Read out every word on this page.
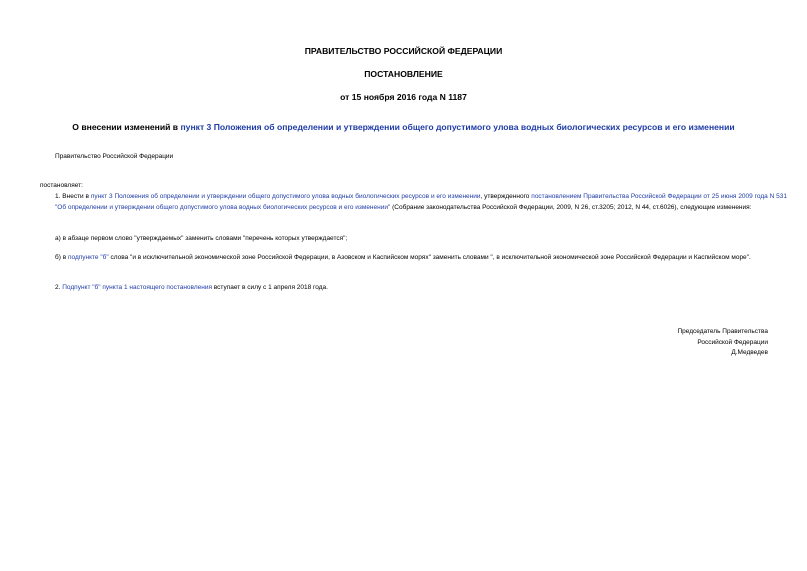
ПРАВИТЕЛЬСТВО РОССИЙСКОЙ ФЕДЕРАЦИИ
ПОСТАНОВЛЕНИЕ
от 15 ноября 2016 года N 1187
О внесении изменений в пункт 3 Положения об определении и утверждении общего допустимого улова водных биологических ресурсов и его изменении
Правительство Российской Федерации
постановляет:
1. Внести в пункт 3 Положения об определении и утверждении общего допустимого улова водных биологических ресурсов и его изменении, утвержденного постановлением Правительства Российской Федерации от 25 июня 2009 года N 531 "Об определении и утверждении общего допустимого улова водных биологических ресурсов и его изменении" (Собрание законодательства Российской Федерации, 2009, N 26, ст.3205; 2012, N 44, ст.6026), следующие изменения:
а) в абзаце первом слово "утверждаемых" заменить словами "перечень которых утверждается";
б) в подпункте "б" слова "и в исключительной экономической зоне Российской Федерации, в Азовском и Каспийском морях" заменить словами ", в исключительной экономической зоне Российской Федерации и Каспийском море".
2. Подпункт "б" пункта 1 настоящего постановления вступает в силу с 1 апреля 2018 года.
Председатель Правительства
Российской Федерации
Д.Медведев
